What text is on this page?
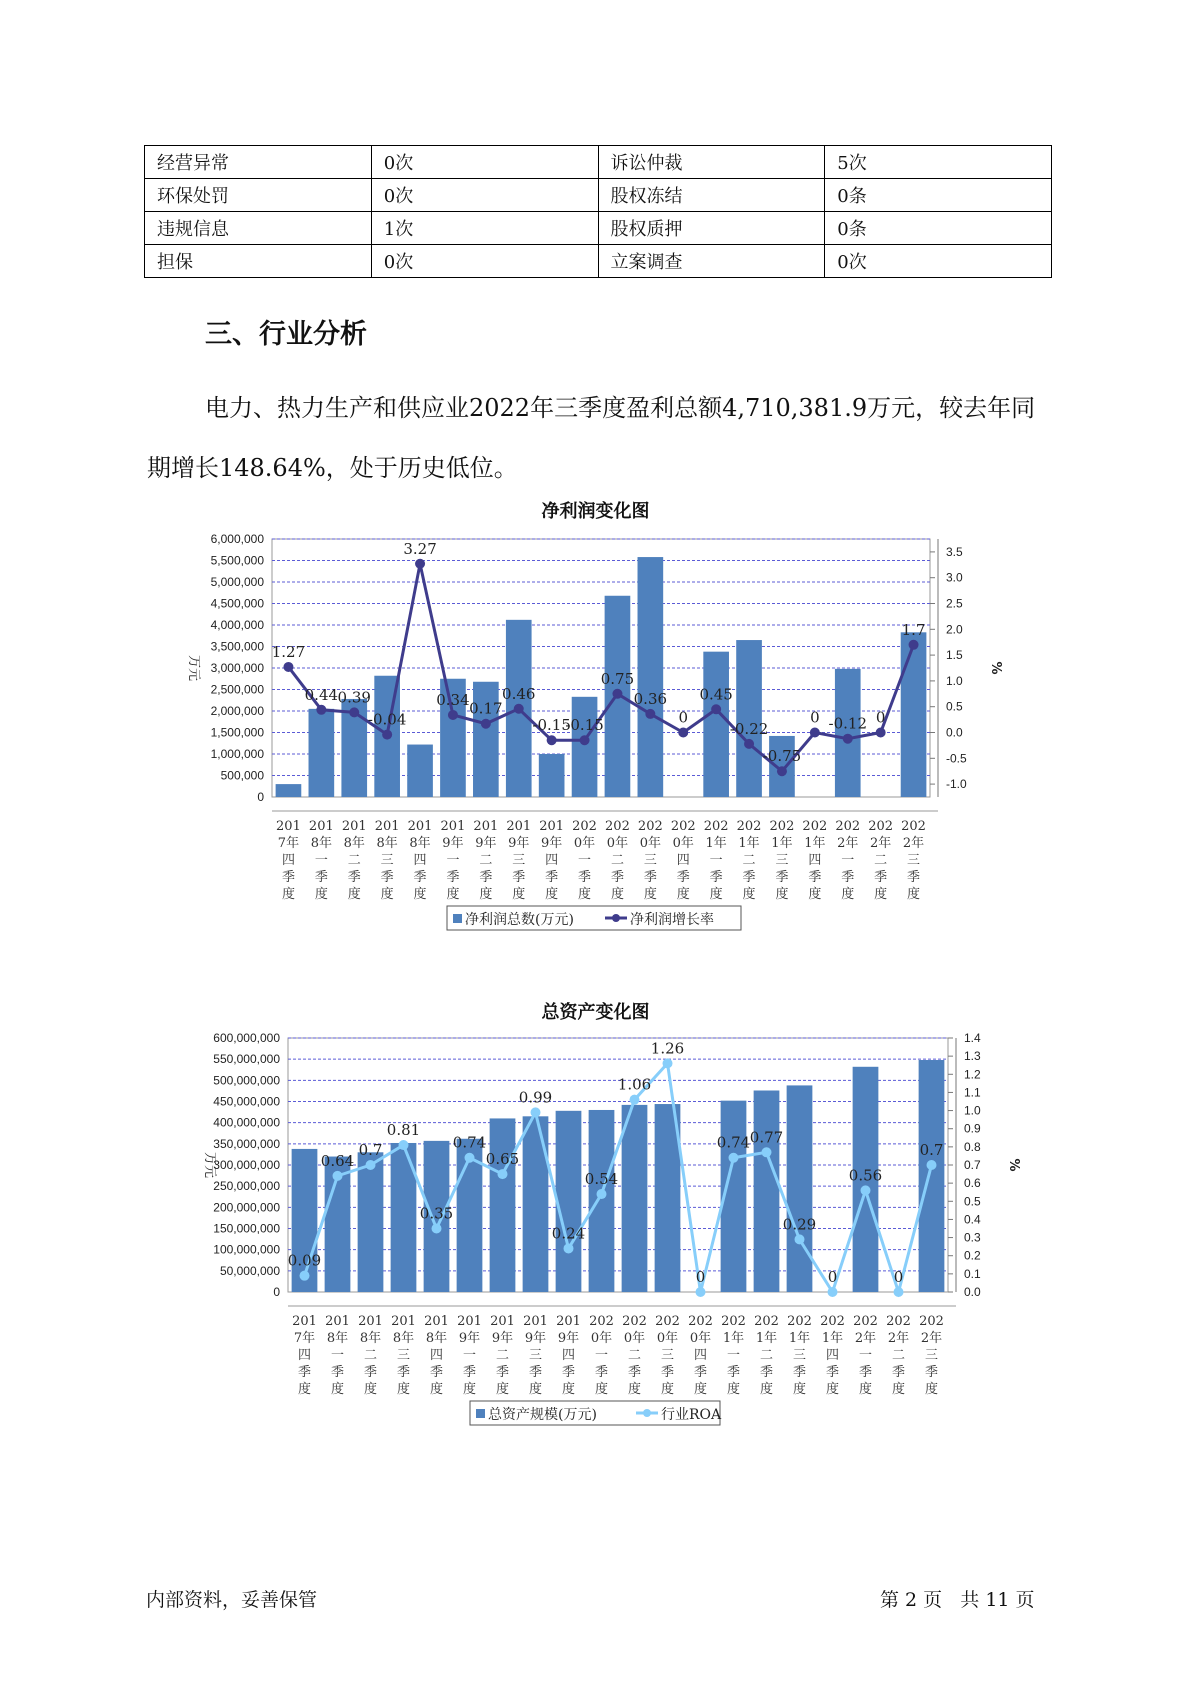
经营异常	0次	诉讼仲裁	5次
环保处罚	0次	股权冻结	0条
违规信息	1次	股权质押	0条
担保	0次	立案调查	0次
三、行业分析
电力、热力生产和供应业2022年三季度盈利总额4,710,381.9万元，较去年同期增长148.64%，处于历史低位。
净利润变化图
0
500,000
1,000,000
1,500,000
2,000,000
2,500,000
3,000,000
3,500,000
4,000,000
4,500,000
5,000,000
5,500,000
6,000,000
-1.0
-0.5
0.0
0.5
1.0
1.5
2.0
2.5
3.0
3.5
万元	%
1.27
0.44 0.39
-0.04
3.27
0.34 0.17
0.46
-0.15
-0.15
0.75
0.36
0
0.45
-0.22
-0.75
0 -0.12 0
1.7
201
7年
四
季
度
201
8年
一
季
度
201
8年
二
季
度
201
8年
三
季
度
201
8年
四
季
度
201
9年
一
季
度
201
9年
二
季
度
201
9年
三
季
度
201
9年
四
季
度
202
0年
一
季
度
202
0年
二
季
度
202
0年
三
季
度
202
0年
四
季
度
202
1年
一
季
度
202
1年
二
季
度
202
1年
三
季
度
202
1年
四
季
度
202
2年
一
季
度
202
2年
二
季
度
202
2年
三
季
度
净利润总数(万元)	净利润增长率
总资产变化图
0
50,000,000
100,000,000
150,000,000
200,000,000
250,000,000
300,000,000
350,000,000
400,000,000
450,000,000
500,000,000
550,000,000
600,000,000
0.0
0.1
0.2
0.3
0.4
0.5
0.6
0.7
0.8
0.9
1.0
1.1
1.2
1.3
1.4
万元	%
0.09
0.64
0.7
0.81
0.35
0.74
0.65
0.99
0.24
0.54
1.06
1.26
0
0.74 0.77
0.29
0
0.56
0
0.7
201
7年
四
季
度
201
8年
一
季
度
201
8年
二
季
度
201
8年
三
季
度
201
8年
四
季
度
201
9年
一
季
度
201
9年
二
季
度
201
9年
三
季
度
201
9年
四
季
度
202
0年
一
季
度
202
0年
二
季
度
202
0年
三
季
度
202
0年
四
季
度
202
1年
一
季
度
202
1年
二
季
度
202
1年
三
季
度
202
1年
四
季
度
202
2年
一
季
度
202
2年
二
季
度
202
2年
三
季
度
总资产规模(万元)	行业ROA
内部资料，妥善保管	第 2 页   共 11 页
